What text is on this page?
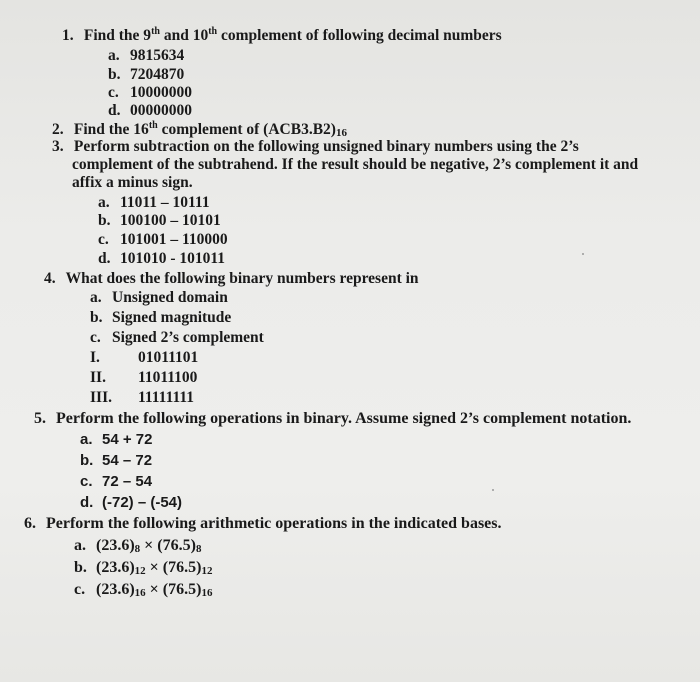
1. Find the 9th and 10th complement of following decimal numbers
a. 9815634
b. 7204870
c. 10000000
d. 00000000
2. Find the 16th complement of (ACB3.B2)16
3. Perform subtraction on the following unsigned binary numbers using the 2’s
complement of the subtrahend. If the result should be negative, 2’s complement it and
affix a minus sign.
a. 11011 – 10111
b. 100100 – 10101
c. 101001 – 110000
d. 101010 - 101011
4. What does the following binary numbers represent in
a. Unsigned domain
b. Signed magnitude
c. Signed 2’s complement
I. 01011101
II. 11011100
III. 11111111
5. Perform the following operations in binary. Assume signed 2’s complement notation.
a. 54 + 72
b. 54 – 72
c. 72 – 54
d. (-72) – (-54)
6. Perform the following arithmetic operations in the indicated bases.
a. (23.6)8 × (76.5)8
b. (23.6)12 × (76.5)12
c. (23.6)16 × (76.5)16
